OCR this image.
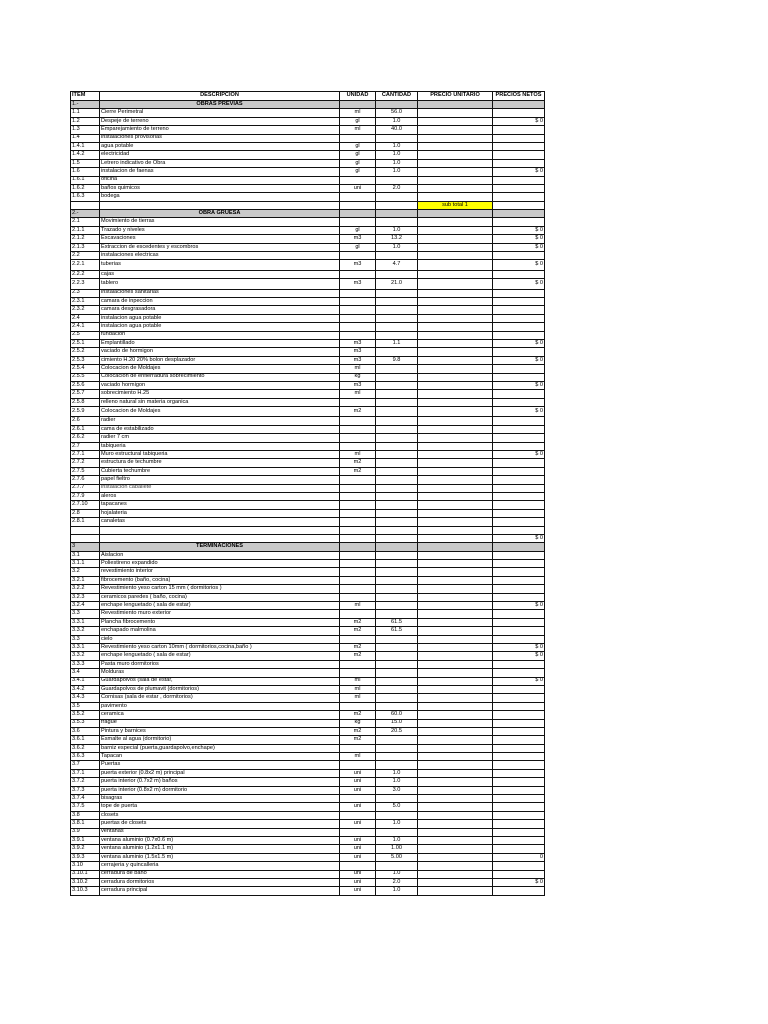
ITEM	DESCRIPCION	UNIDAD	CANTIDAD	PRECIO UNITARIO	PRECIOS NETOS
1.-	OBRAS PREVIAS				
1.1	Cierre Perimetral	ml	56.0		
1.2	Despeje de terreno	gl	1.0		$ 0
1.3	Emparejamiento de terreno	ml	40.0		
1.4	instalaciones provisorias				
1.4.1	agua potable	gl	1.0		
1.4.2	electricidad	gl	1.0		
1.5	Letrero indicativo de Obra	gl	1.0		
1.6	instalacion de faenas	gl	1.0		$ 0
1.6.1	oficina				
1.6.2	baños quimicos	uni	2.0		
1.6.3	bodega				
				sub total 1	
2.-	OBRA GRUESA				
2.1	Movimiento de tierras				
2.1.1	Trazado y niveles	gl	1.0		$ 0
2.1.2	Excavaciones	m3	13.2		$ 0
2.1.3	Extraccion de escedentes y escombros	gl	1.0		$ 0
2.2	instalaciones electricas				
2.2.1	tuberias	m3	4.7		$ 0
2.2.2	cajas				
2.2.3	tablero	m3	21.0		$ 0
2.3	instalaciones sanitarias				
2.3.1	camara de inpeccion				
2.3.2	camara desgrasadora				
2.4	instalacion agua potable				
2.4.1	instalacion agua potable				
2.5	fundacion				
2.5.1	Emplantillado	m3	1.1		$ 0
2.5.2	vaciado de hormigon	m3			
2.5.3	cimiento H.20 20% bolon desplazador	m3	9.8		$ 0
2.5.4	Colocacion de Moldajes	ml			
2.5.5	Colocacion de enfierradura sobrecimiento	kg			
2.5.6	vaciado hormigon	m3			$ 0
2.5.7	sobrecimiento H.25	ml			
2.5.8	relleno natural sin materia organica				
2.5.9	Colocacion de Moldajes	m2			$ 0
2.6	radier				
2.6.1	cama de estabilizado				
2.6.2	radier 7 cm				
2.7	tabiqueria				
2.7.1	Muro estructural tabiqueria	ml			$ 0
2.7.2	estructura de techumbre	m2			
2.7.5	Cubierta techumbre	m2			
2.7.6	papel fieltro				
2.7.7	instalacion caballete				
2.7.9	aleros				
2.7.10	tapacanes				
2.8	hojalateria				
2.8.1	canaletas				

					$ 0
3	TERMINACIONES				
3.1	Aislacion				
3.1.1	Poliestireno expandido				
3.2	revestimiento interior				
3.2.1	fibrocemento (baño, cocina)				
3.2.2	Revestimiento yeso carton 15 mm ( dormitorios )				
3.2.3	ceramicos paredes ( baño, cocina)				
3.2.4	enchape lenguetado ( sala de estar)	ml			$ 0
3.3	Revestimiento muro exterior				
3.3.1	Plancha fibrocemento	m2	61.5		
3.3.2	enchapado malmolina	m2	61.5		
3.3	cielo				
3.3.1	Revestimiento yeso carton 10mm ( dormitorios,cocina,baño )	m2			$ 0
3.3.2	enchape lenguetado ( sala de estar)	m2			$ 0
3.3.3	Pasta muro dormitorios				
3.4	Molduras				
3.4.1	Guardapolvos (sala de estar,	ml			$ 0
3.4.2	Guardapolvos de plumavit (dormitorios)	ml			
3.4.3	Cornisas (sala de estar , dormitorios)	ml			
3.5	pavimento				
3.5.2	ceramica	m2	60.0		
3.5.3	fragüe	kg	15.0		
3.6	Pintura y barnices	m2	20.5		
3.6.1	Esmalte al agua (dormitorio)	m2			
3.6.2	barniz especial (puerta,guardapolvo,enchape)				
3.6.3	Tapacan	ml			
3.7	Puertas				
3.7.1	puerta exterior (0.8x2 m) principal	uni	1.0		
3.7.2	puerta interior (0.7x2 m) baños	uni	1.0		
3.7.3	puerta interior (0.8x2 m) dormitorio	uni	3.0		
3.7.4	bisagras				
3.7.5	tope de puerta	uni	5.0		
3.8	closets				
3.8.1	puertas de closets	uni	1.0		
3.9	ventanas				
3.9.1	ventana aluminio (0.7x0.6 m)	uni	1.0		
3.9.2	ventana aluminio (1.2x1.1 m)	uni	1.00		
3.9.3	ventana aluminio (1.5x1.5 m)	uni	5.00		0
3.10	cerrajeria y quincalleria				
3.10.1	cerradura de baño	uni	1.0		
3.10.2	cerradura dormitorios	uni	2.0		$ 0
3.10.3	cerradura principal	uni	1.0		
